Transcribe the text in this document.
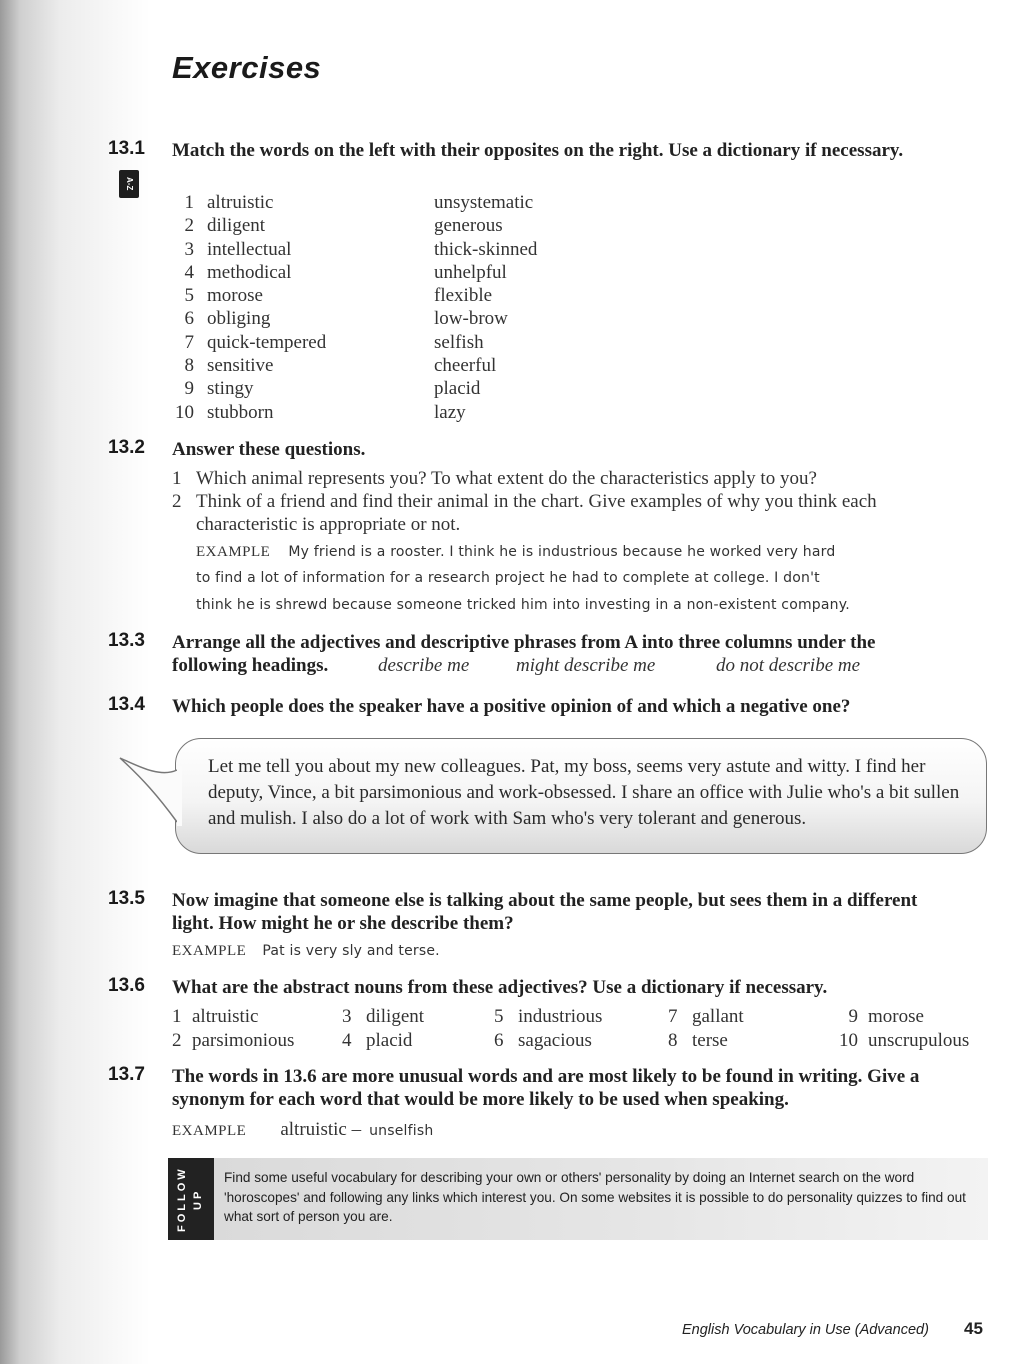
Exercises
13.1
A-Z
Match the words on the left with their opposites on the right. Use a dictionary if necessary.
1 altruistic
2 diligent
3 intellectual
4 methodical
5 morose
6 obliging
7 quick-tempered
8 sensitive
9 stingy
10 stubborn
unsystematic
generous
thick-skinned
unhelpful
flexible
low-brow
selfish
cheerful
placid
lazy
13.2 Answer these questions.
1 Which animal represents you? To what extent do the characteristics apply to you?
2 Think of a friend and find their animal in the chart. Give examples of why you think each characteristic is appropriate or not.
EXAMPLE My friend is a rooster. I think he is industrious because he worked very hard
to find a lot of information for a research project he had to complete at college. I don't
think he is shrewd because someone tricked him into investing in a non-existent company.
13.3 Arrange all the adjectives and descriptive phrases from A into three columns under the
following headings.	describe me might describe me	do not describe me
13.4 Which people does the speaker have a positive opinion of and which a negative one?
Let me tell you about my new colleagues. Pat, my boss, seems very astute and witty. I find her deputy, Vince, a bit parsimonious and work-obsessed. I share an office with Julie who's a bit sullen and mulish. I also do a lot of work with Sam who's very tolerant and generous.
13.5 Now imagine that someone else is talking about the same people, but sees them in a different light. How might he or she describe them?
EXAMPLE Pat is very sly and terse.
13.6 What are the abstract nouns from these adjectives? Use a dictionary if necessary.
1 altruistic
2 parsimonious
3 diligent
4 placid
5 industrious
6 sagacious
7 gallant
8 terse
9 morose
10 unscrupulous
13.7 The words in 13.6 are more unusual words and are most likely to be found in writing. Give a synonym for each word that would be more likely to be used when speaking.
EXAMPLE altruistic – unselfish
FOLLOW UP
Find some useful vocabulary for describing your own or others' personality by doing an Internet search on the word 'horoscopes' and following any links which interest you. On some websites it is possible to do personality quizzes to find out what sort of person you are.
English Vocabulary in Use (Advanced) 45
